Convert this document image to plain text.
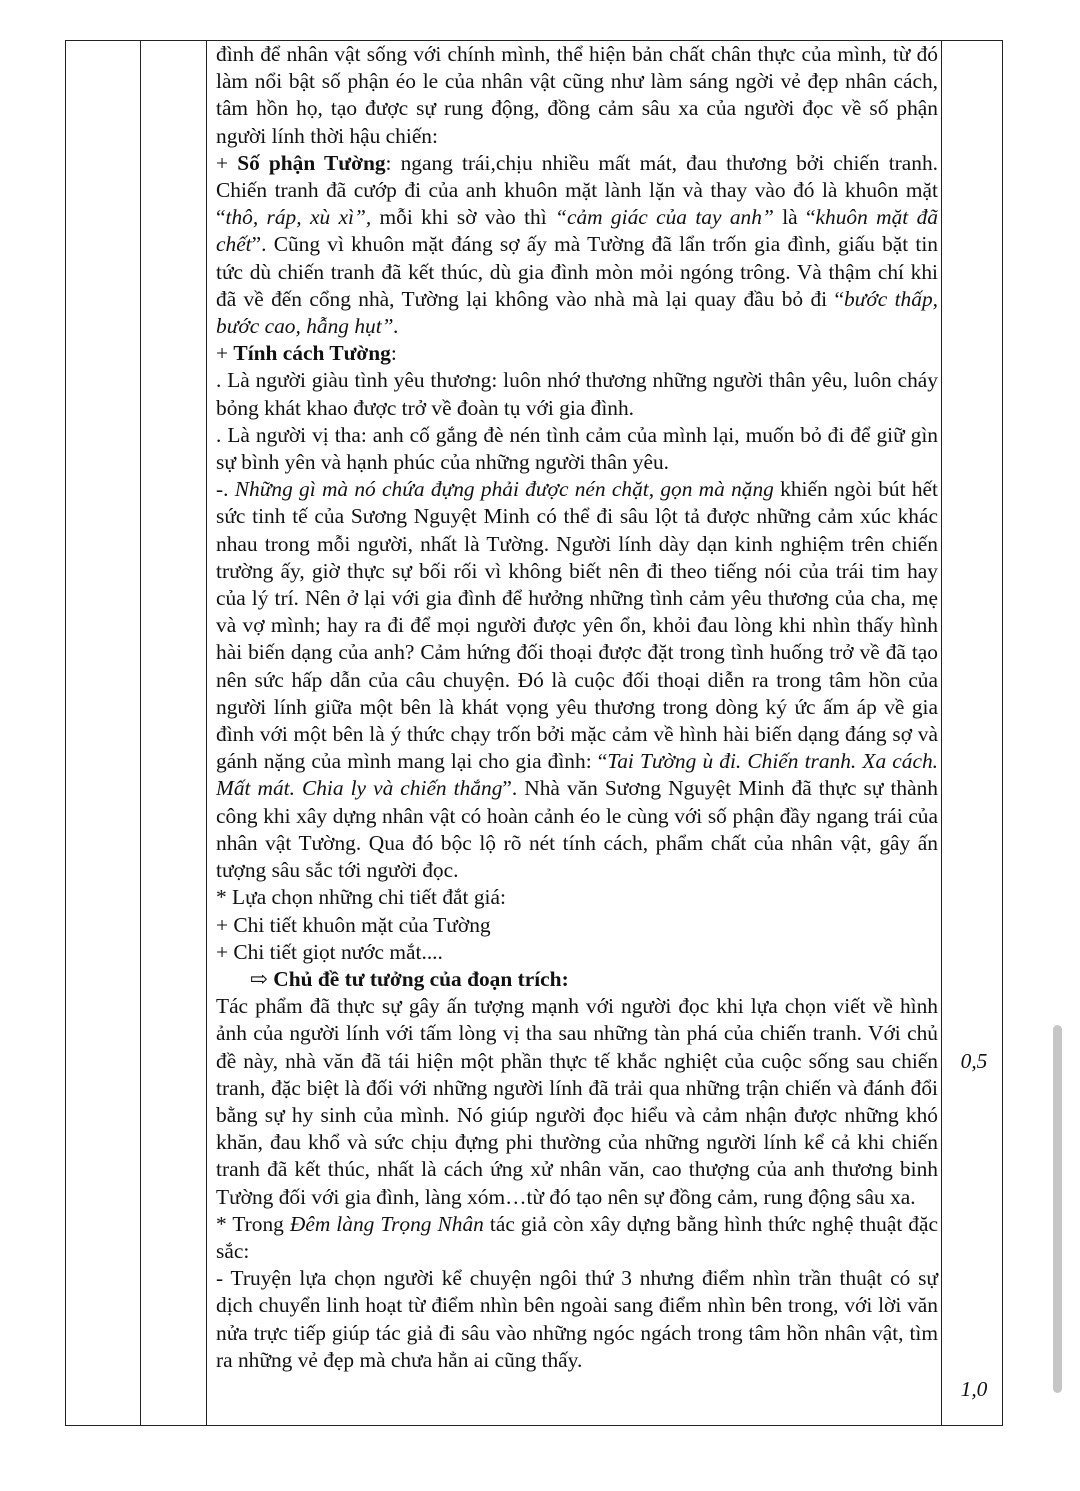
đình để nhân vật sống với chính mình, thể hiện bản chất chân thực của mình, từ đó làm nổi bật số phận éo le của nhân vật cũng như làm sáng ngời vẻ đẹp nhân cách, tâm hồn họ, tạo được sự rung động, đồng cảm sâu xa của người đọc về số phận người lính thời hậu chiến:

+ Số phận Tường: ngang trái,chịu nhiều mất mát, đau thương bởi chiến tranh. Chiến tranh đã cướp đi của anh khuôn mặt lành lặn và thay vào đó là khuôn mặt “thô, ráp, xù xì”, mỗi khi sờ vào thì “cảm giác của tay anh” là “khuôn mặt đã chết”. Cũng vì khuôn mặt đáng sợ ấy mà Tường đã lẩn trốn gia đình, giấu bặt tin tức dù chiến tranh đã kết thúc, dù gia đình mòn mỏi ngóng trông. Và thậm chí khi đã về đến cổng nhà, Tường lại không vào nhà mà lại quay đầu bỏ đi “bước thấp, bước cao, hẫng hụt”.

+ Tính cách Tường:

. Là người giàu tình yêu thương: luôn nhớ thương những người thân yêu, luôn cháy bỏng khát khao được trở về đoàn tụ với gia đình.

. Là người vị tha: anh cố gắng đè nén tình cảm của mình lại, muốn bỏ đi để giữ gìn sự bình yên và hạnh phúc của những người thân yêu.

-. Những gì mà nó chứa đựng phải được nén chặt, gọn mà nặng khiến ngòi bút hết sức tinh tế của Sương Nguyệt Minh có thể đi sâu lột tả được những cảm xúc khác nhau trong mỗi người, nhất là Tường. Người lính dày dạn kinh nghiệm trên chiến trường ấy, giờ thực sự bối rối vì không biết nên đi theo tiếng nói của trái tim hay của lý trí. Nên ở lại với gia đình để hưởng những tình cảm yêu thương của cha, mẹ và vợ mình; hay ra đi để mọi người được yên ổn, khỏi đau lòng khi nhìn thấy hình hài biến dạng của anh? Cảm hứng đối thoại được đặt trong tình huống trở về đã tạo nên sức hấp dẫn của câu chuyện. Đó là cuộc đối thoại diễn ra trong tâm hồn của người lính giữa một bên là khát vọng yêu thương trong dòng ký ức ấm áp về gia đình với một bên là ý thức chạy trốn bởi mặc cảm về hình hài biến dạng đáng sợ và gánh nặng của mình mang lại cho gia đình: “Tai Tường ù đi. Chiến tranh. Xa cách. Mất mát. Chia ly và chiến thắng”. Nhà văn Sương Nguyệt Minh đã thực sự thành công khi xây dựng nhân vật có hoàn cảnh éo le cùng với số phận đầy ngang trái của nhân vật Tường. Qua đó bộc lộ rõ nét tính cách, phẩm chất của nhân vật, gây ấn tượng sâu sắc tới người đọc.

* Lựa chọn những chi tiết đắt giá:

+ Chi tiết khuôn mặt của Tường

+ Chi tiết giọt nước mắt....

⇨ Chủ đề tư tưởng của đoạn trích:

Tác phẩm đã thực sự gây ấn tượng mạnh với người đọc khi lựa chọn viết về hình ảnh của người lính với tấm lòng vị tha sau những tàn phá của chiến tranh. Với chủ đề này, nhà văn đã tái hiện một phần thực tế khắc nghiệt của cuộc sống sau chiến tranh, đặc biệt là đối với những người lính đã trải qua những trận chiến và đánh đổi bằng sự hy sinh của mình. Nó giúp người đọc hiểu và cảm nhận được những khó khăn, đau khổ và sức chịu đựng phi thường của những người lính kể cả khi chiến tranh đã kết thúc, nhất là cách ứng xử nhân văn, cao thượng của anh thương binh Tường đối với gia đình, làng xóm…từ đó tạo nên sự đồng cảm, rung động sâu xa.

* Trong Đêm làng Trọng Nhân tác giả còn xây dựng bằng hình thức nghệ thuật đặc sắc:

- Truyện lựa chọn người kể chuyện ngôi thứ 3 nhưng điểm nhìn trần thuật có sự dịch chuyển linh hoạt từ điểm nhìn bên ngoài sang điểm nhìn bên trong, với lời văn nửa trực tiếp giúp tác giả đi sâu vào những ngóc ngách trong tâm hồn nhân vật, tìm ra những vẻ đẹp mà chưa hẳn ai cũng thấy.

0,5
1,0
